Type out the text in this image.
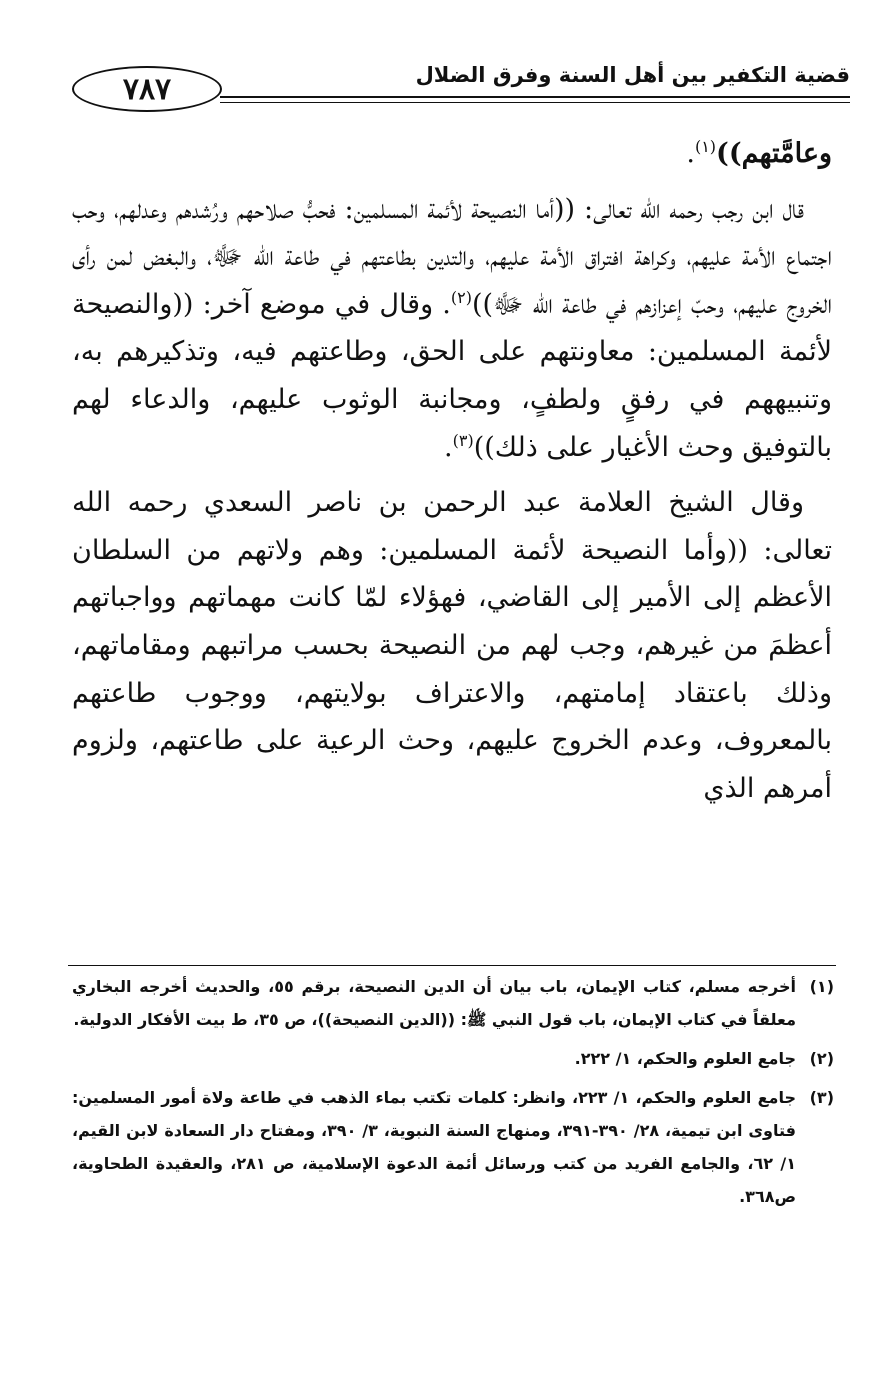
٧٨٧	قضية التكفير بين أهل السنة وفرق الضلال

وعامَّتهم))$^{(١)}$.

قال ابن رجب رحمه الله تعالى: ((أما النصيحة لأئمة المسلمين: فحبُّ صلاحهم ورُشدهم وعدلهم، وحب اجتماع الأمة عليهم، وكراهة افتراق الأمة عليهم، والتدين بطاعتهم في طاعة الله ﷻ، والبغض لمن رأى الخروج عليهم، وحبّ إعزازهم في طاعة الله ﷻ))$^{(٢)}$. وقال في موضع آخر: ((والنصيحة لأئمة المسلمين: معاونتهم على الحق، وطاعتهم فيه، وتذكيرهم به، وتنبيههم في رفقٍ ولطفٍ، ومجانبة الوثوب عليهم، والدعاء لهم بالتوفيق وحث الأغيار على ذلك))$^{(٣)}$.

وقال الشيخ العلامة عبد الرحمن بن ناصر السعدي رحمه الله تعالى: ((وأما النصيحة لأئمة المسلمين: وهم ولاتهم من السلطان الأعظم إلى الأمير إلى القاضي، فهؤلاء لمّا كانت مهماتهم وواجباتهم أعظمَ من غيرهم، وجب لهم من النصيحة بحسب مراتبهم ومقاماتهم، وذلك باعتقاد إمامتهم، والاعتراف بولايتهم، ووجوب طاعتهم بالمعروف، وعدم الخروج عليهم، وحث الرعية على طاعتهم، ولزوم أمرهم الذي

(١)
أخرجه مسلم، كتاب الإيمان، باب بيان أن الدين النصيحة، برقم ٥٥، والحديث أخرجه البخاري معلقاً في كتاب الإيمان، باب قول النبي ﷺ: ((الدين النصيحة))، ص ٣٥، ط بيت الأفكار الدولية.

(٢)
جامع العلوم والحكم، ١/ ٢٢٢.

(٣)
جامع العلوم والحكم، ١/ ٢٢٣، وانظر: كلمات تكتب بماء الذهب في طاعة ولاة أمور المسلمين: فتاوى ابن تيمية، ٢٨/ ٣٩٠-٣٩١، ومنهاج السنة النبوية، ٣/ ٣٩٠، ومفتاح دار السعادة لابن القيم، ١/ ٦٢، والجامع الفريد من كتب ورسائل أئمة الدعوة الإسلامية، ص ٢٨١، والعقيدة الطحاوية، ص٣٦٨.
